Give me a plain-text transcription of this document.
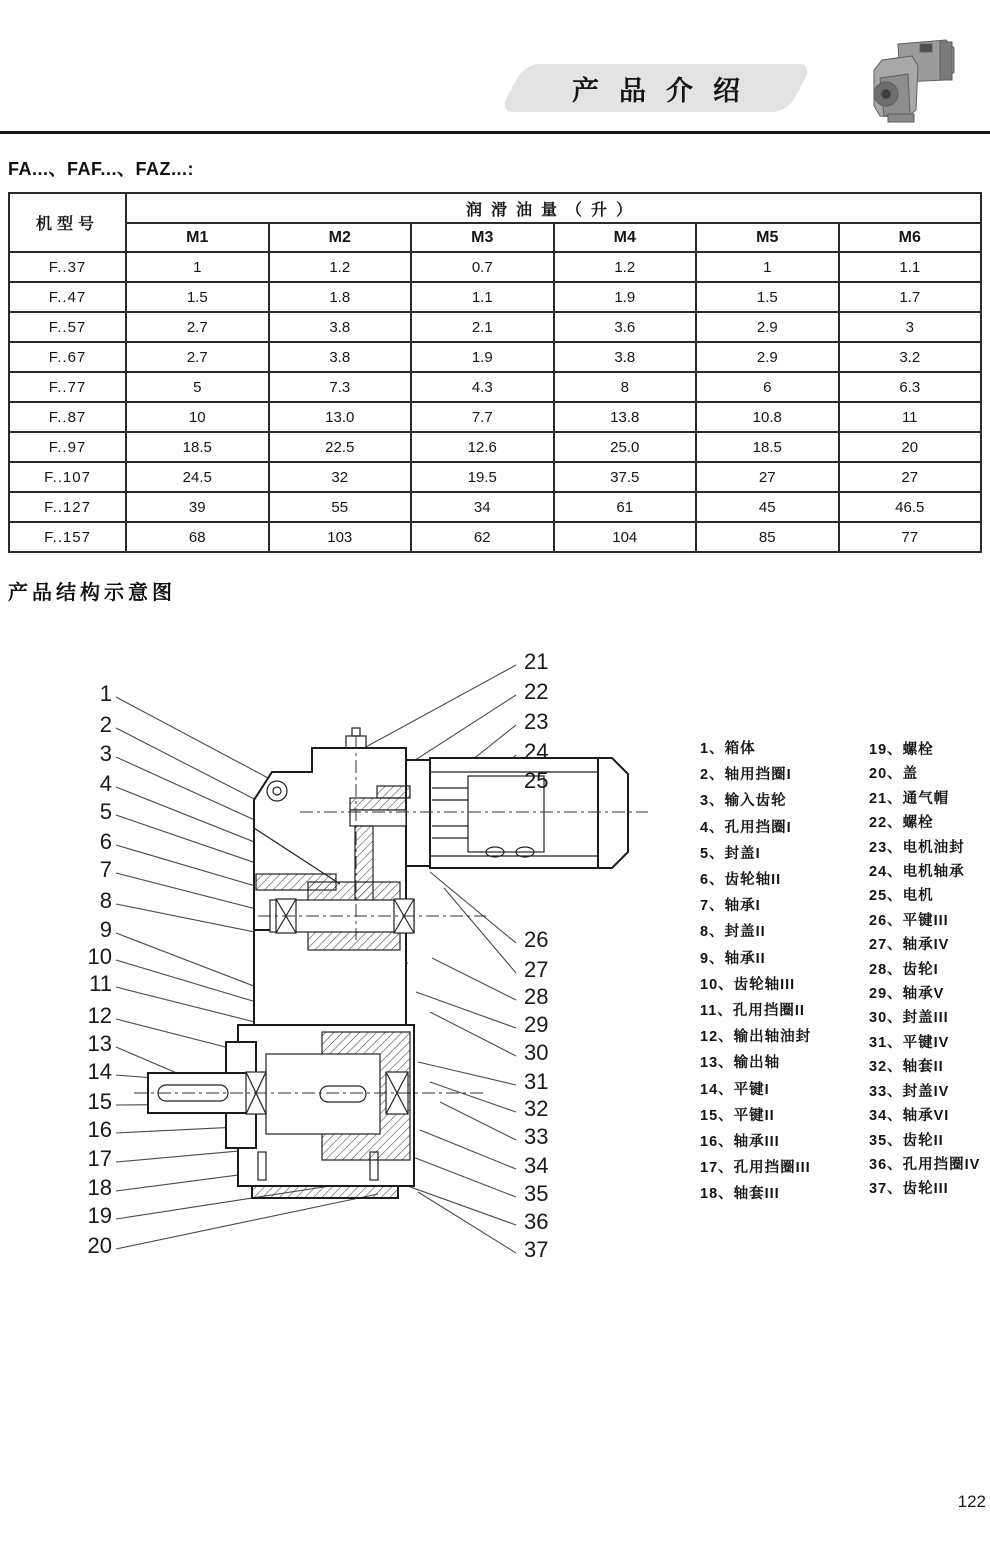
产品介绍
FA...、FAF...、FAZ...:
机型号	润滑油量（升）					
	M1	M2	M3	M4	M5	M6
F..37	1	1.2	0.7	1.2	1	1.1
F..47	1.5	1.8	1.1	1.9	1.5	1.7
F..57	2.7	3.8	2.1	3.6	2.9	3
F..67	2.7	3.8	1.9	3.8	2.9	3.2
F..77	5	7.3	4.3	8	6	6.3
F..87	10	13.0	7.7	13.8	10.8	11
F..97	18.5	22.5	12.6	25.0	18.5	20
F..107	24.5	32	19.5	37.5	27	27
F..127	39	55	34	61	45	46.5
F..157	68	103	62	104	85	77
产品结构示意图
1
2
3
4
5
6
7
8
9
10
11
12
13
14
15
16
17
18
19
20
21
22
23
24
25
26
27
28
29
30
31
32
33
34
35
36
37
1、箱体
2、轴用挡圈I
3、输入齿轮
4、孔用挡圈I
5、封盖I
6、齿轮轴II
7、轴承I
8、封盖II
9、轴承II
10、齿轮轴III
11、孔用挡圈II
12、输出轴油封
13、输出轴
14、平键I
15、平键II
16、轴承III
17、孔用挡圈III
18、轴套III
19、螺栓
20、盖
21、通气帽
22、螺栓
23、电机油封
24、电机轴承
25、电机
26、平键III
27、轴承IV
28、齿轮I
29、轴承V
30、封盖III
31、平键IV
32、轴套II
33、封盖IV
34、轴承VI
35、齿轮II
36、孔用挡圈IV
37、齿轮III
122
